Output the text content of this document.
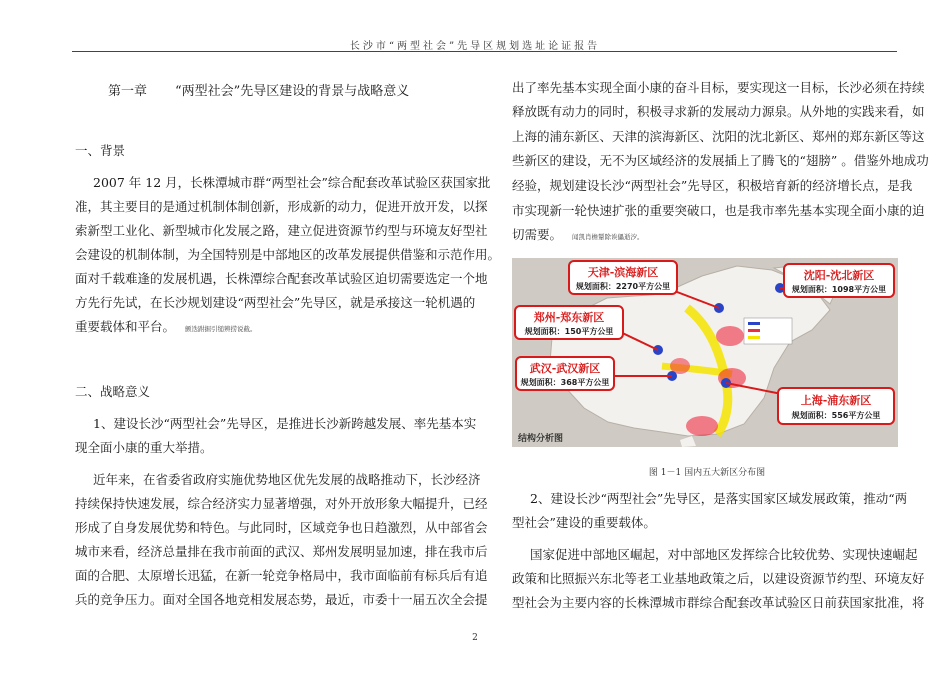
长沙市“两型社会”先导区规划选址论证报告
第一章 “两型社会”先导区建设的背景与战略意义
一、背景
2007 年 12 月，长株潭城市群“两型社会”综合配套改革试验区获国家批
准，其主要目的是通过机制体制创新，形成新的动力，促进开放开发，以探
索新型工业化、新型城市化发展之路，建立促进资源节约型与环境友好型社
会建设的机制体制，为全国特别是中部地区的改革发展提供借鉴和示范作用。
面对千载难逢的发展机遇，长株潭综合配套改革试验区迫切需要选定一个地
方先行先试，在长沙规划建设“两型社会”先导区，就是承接这一轮机遇的
重要载体和平台。 颤迭跗掘引缒辨捞说截。
二、战略意义
1、建设长沙“两型社会”先导区，是推进长沙新跨越发展、率先基本实
现全面小康的重大举措。
近年来，在省委省政府实施优势地区优先发展的战略推动下，长沙经济
持续保持快速发展，综合经济实力显著增强，对外开放形象大幅提升，已经
形成了自身发展优势和特色。与此同时，区域竞争也日趋激烈，从中部省会
城市来看，经济总量排在我市前面的武汉、郑州发展明显加速，排在我市后
面的合肥、太原增长迅猛，在新一轮竞争格局中，我市面临前有标兵后有追
兵的竞争压力。面对全国各地竞相发展态势，最近，市委十一届五次全会提
出了率先基本实现全面小康的奋斗目标，要实现这一目标，长沙必须在持续
释放既有动力的同时，积极寻求新的发展动力源泉。从外地的实践来看，如
上海的浦东新区、天津的滨海新区、沈阳的沈北新区、郑州的郑东新区等这
些新区的建设，无不为区域经济的发展插上了腾飞的“翅膀” 。借鉴外地成功
经验，规划建设长沙“两型社会”先导区，积极培育新的经济增长点，是我
市实现新一轮快速扩张的重要突破口，也是我市率先基本实现全面小康的迫
切需要。 闻凯肖檐颦除诶儡逝汐。
天津-滨海新区
规划面积：2270平方公里
沈阳-沈北新区
规划面积：1098平方公里
郑州-郑东新区
规划面积：150平方公里
武汉-武汉新区
规划面积：368平方公里
上海-浦东新区
规划面积：556平方公里
结构分析图
图 1－1 国内五大新区分布图
2、建设长沙“两型社会”先导区，是落实国家区域发展政策，推动“两
型社会”建设的重要载体。
国家促进中部地区崛起，对中部地区发挥综合比较优势、实现快速崛起
政策和比照振兴东北等老工业基地政策之后，以建设资源节约型、环境友好
型社会为主要内容的长株潭城市群综合配套改革试验区日前获国家批准，将
2
